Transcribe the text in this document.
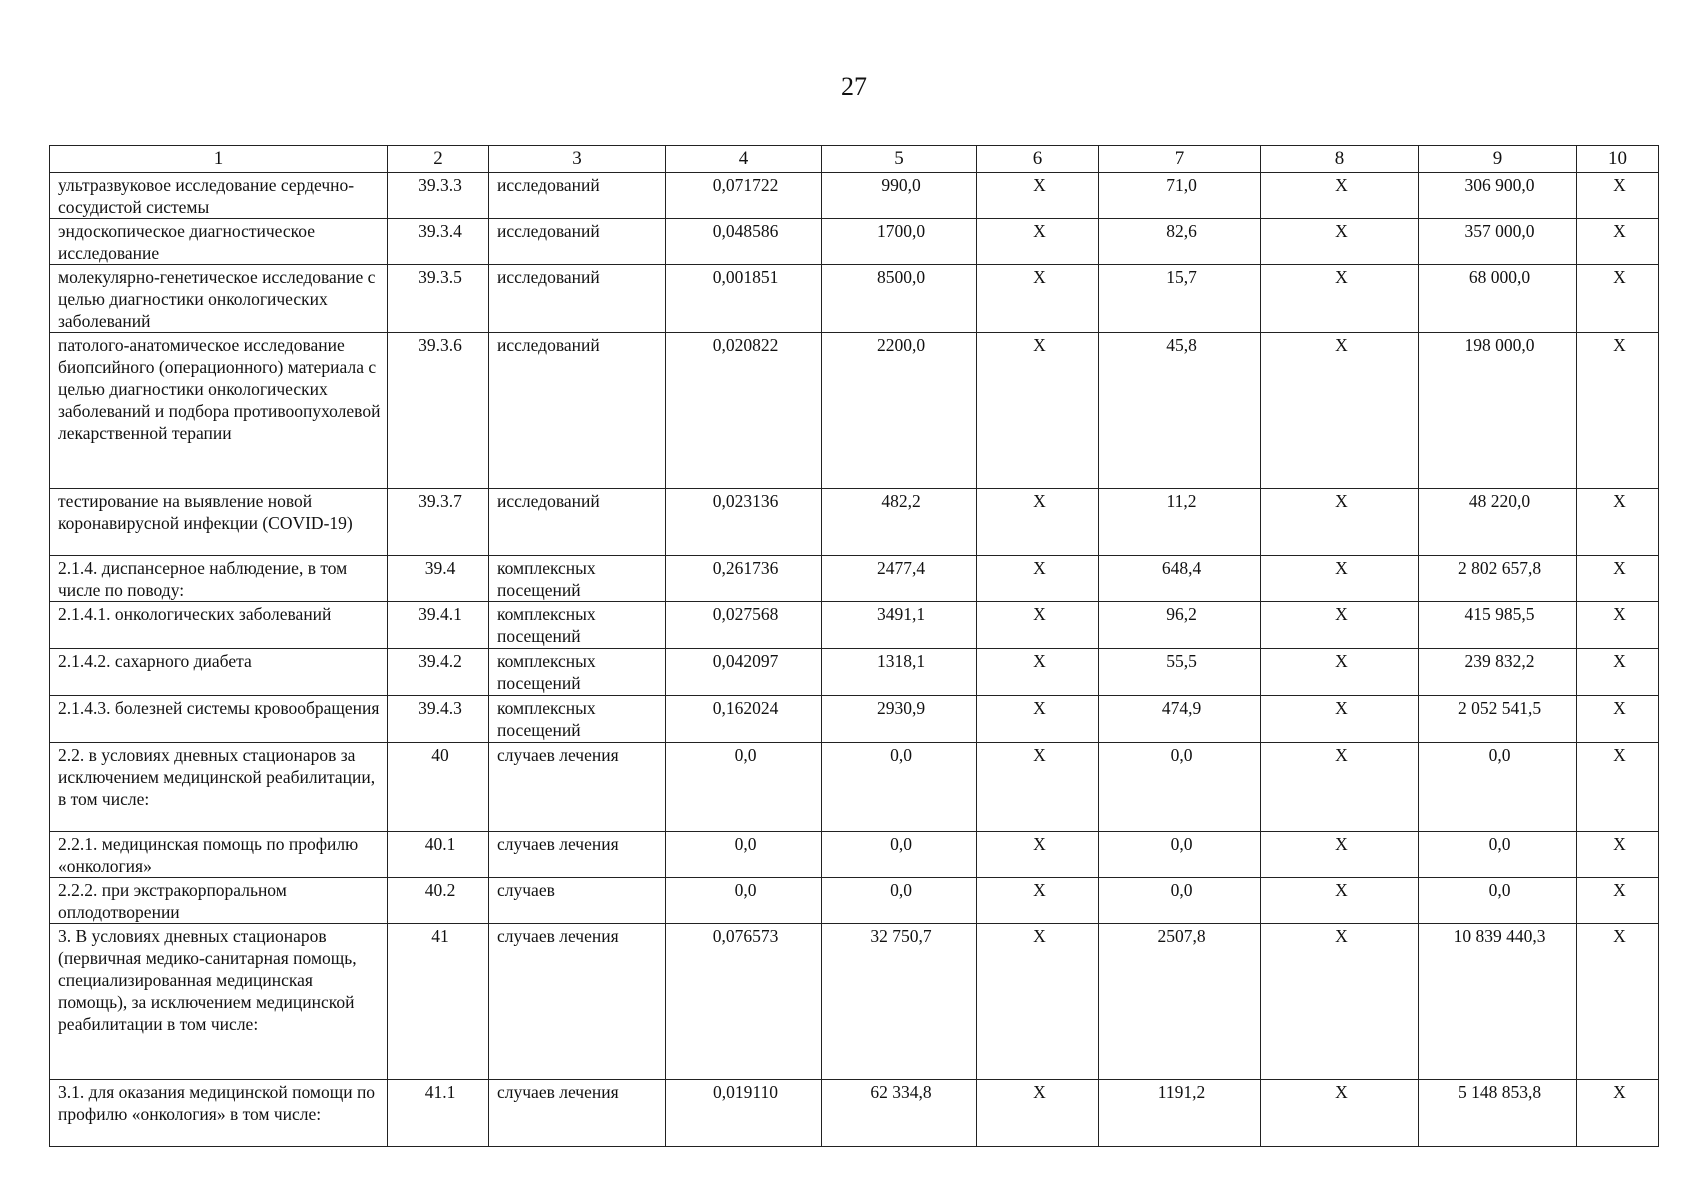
27
1	2	3	4	5	6	7	8	9	10
ультразвуковое исследование сердечно-сосудистой системы	39.3.3	исследований	0,071722	990,0	X	71,0	X	306 900,0	X
эндоскопическое диагностическое исследование	39.3.4	исследований	0,048586	1700,0	X	82,6	X	357 000,0	X
молекулярно-генетическое исследование с целью диагностики онкологических заболеваний	39.3.5	исследований	0,001851	8500,0	X	15,7	X	68 000,0	X
патолого-анатомическое исследование биопсийного (операционного) материала с целью диагностики онкологических заболеваний и подбора противоопухолевой лекарственной терапии	39.3.6	исследований	0,020822	2200,0	X	45,8	X	198 000,0	X
тестирование на выявление новой коронавирусной инфекции (COVID-19)	39.3.7	исследований	0,023136	482,2	X	11,2	X	48 220,0	X
2.1.4. диспансерное наблюдение, в том числе по поводу:	39.4	комплексных посещений	0,261736	2477,4	X	648,4	X	2 802 657,8	X
2.1.4.1. онкологических заболеваний	39.4.1	комплексных посещений	0,027568	3491,1	X	96,2	X	415 985,5	X
2.1.4.2. сахарного диабета	39.4.2	комплексных посещений	0,042097	1318,1	X	55,5	X	239 832,2	X
2.1.4.3. болезней системы кровообращения	39.4.3	комплексных посещений	0,162024	2930,9	X	474,9	X	2 052 541,5	X
2.2. в условиях дневных стационаров за исключением медицинской реабилитации, в том числе:	40	случаев лечения	0,0	0,0	X	0,0	X	0,0	X
2.2.1. медицинская помощь по профилю «онкология»	40.1	случаев лечения	0,0	0,0	X	0,0	X	0,0	X
2.2.2. при экстракорпоральном оплодотворении	40.2	случаев	0,0	0,0	X	0,0	X	0,0	X
3. В условиях дневных стационаров (первичная медико-санитарная помощь, специализированная медицинская помощь), за исключением медицинской реабилитации в том числе:	41	случаев лечения	0,076573	32 750,7	X	2507,8	X	10 839 440,3	X
3.1. для оказания медицинской помощи по профилю «онкология» в том числе:	41.1	случаев лечения	0,019110	62 334,8	X	1191,2	X	5 148 853,8	X
